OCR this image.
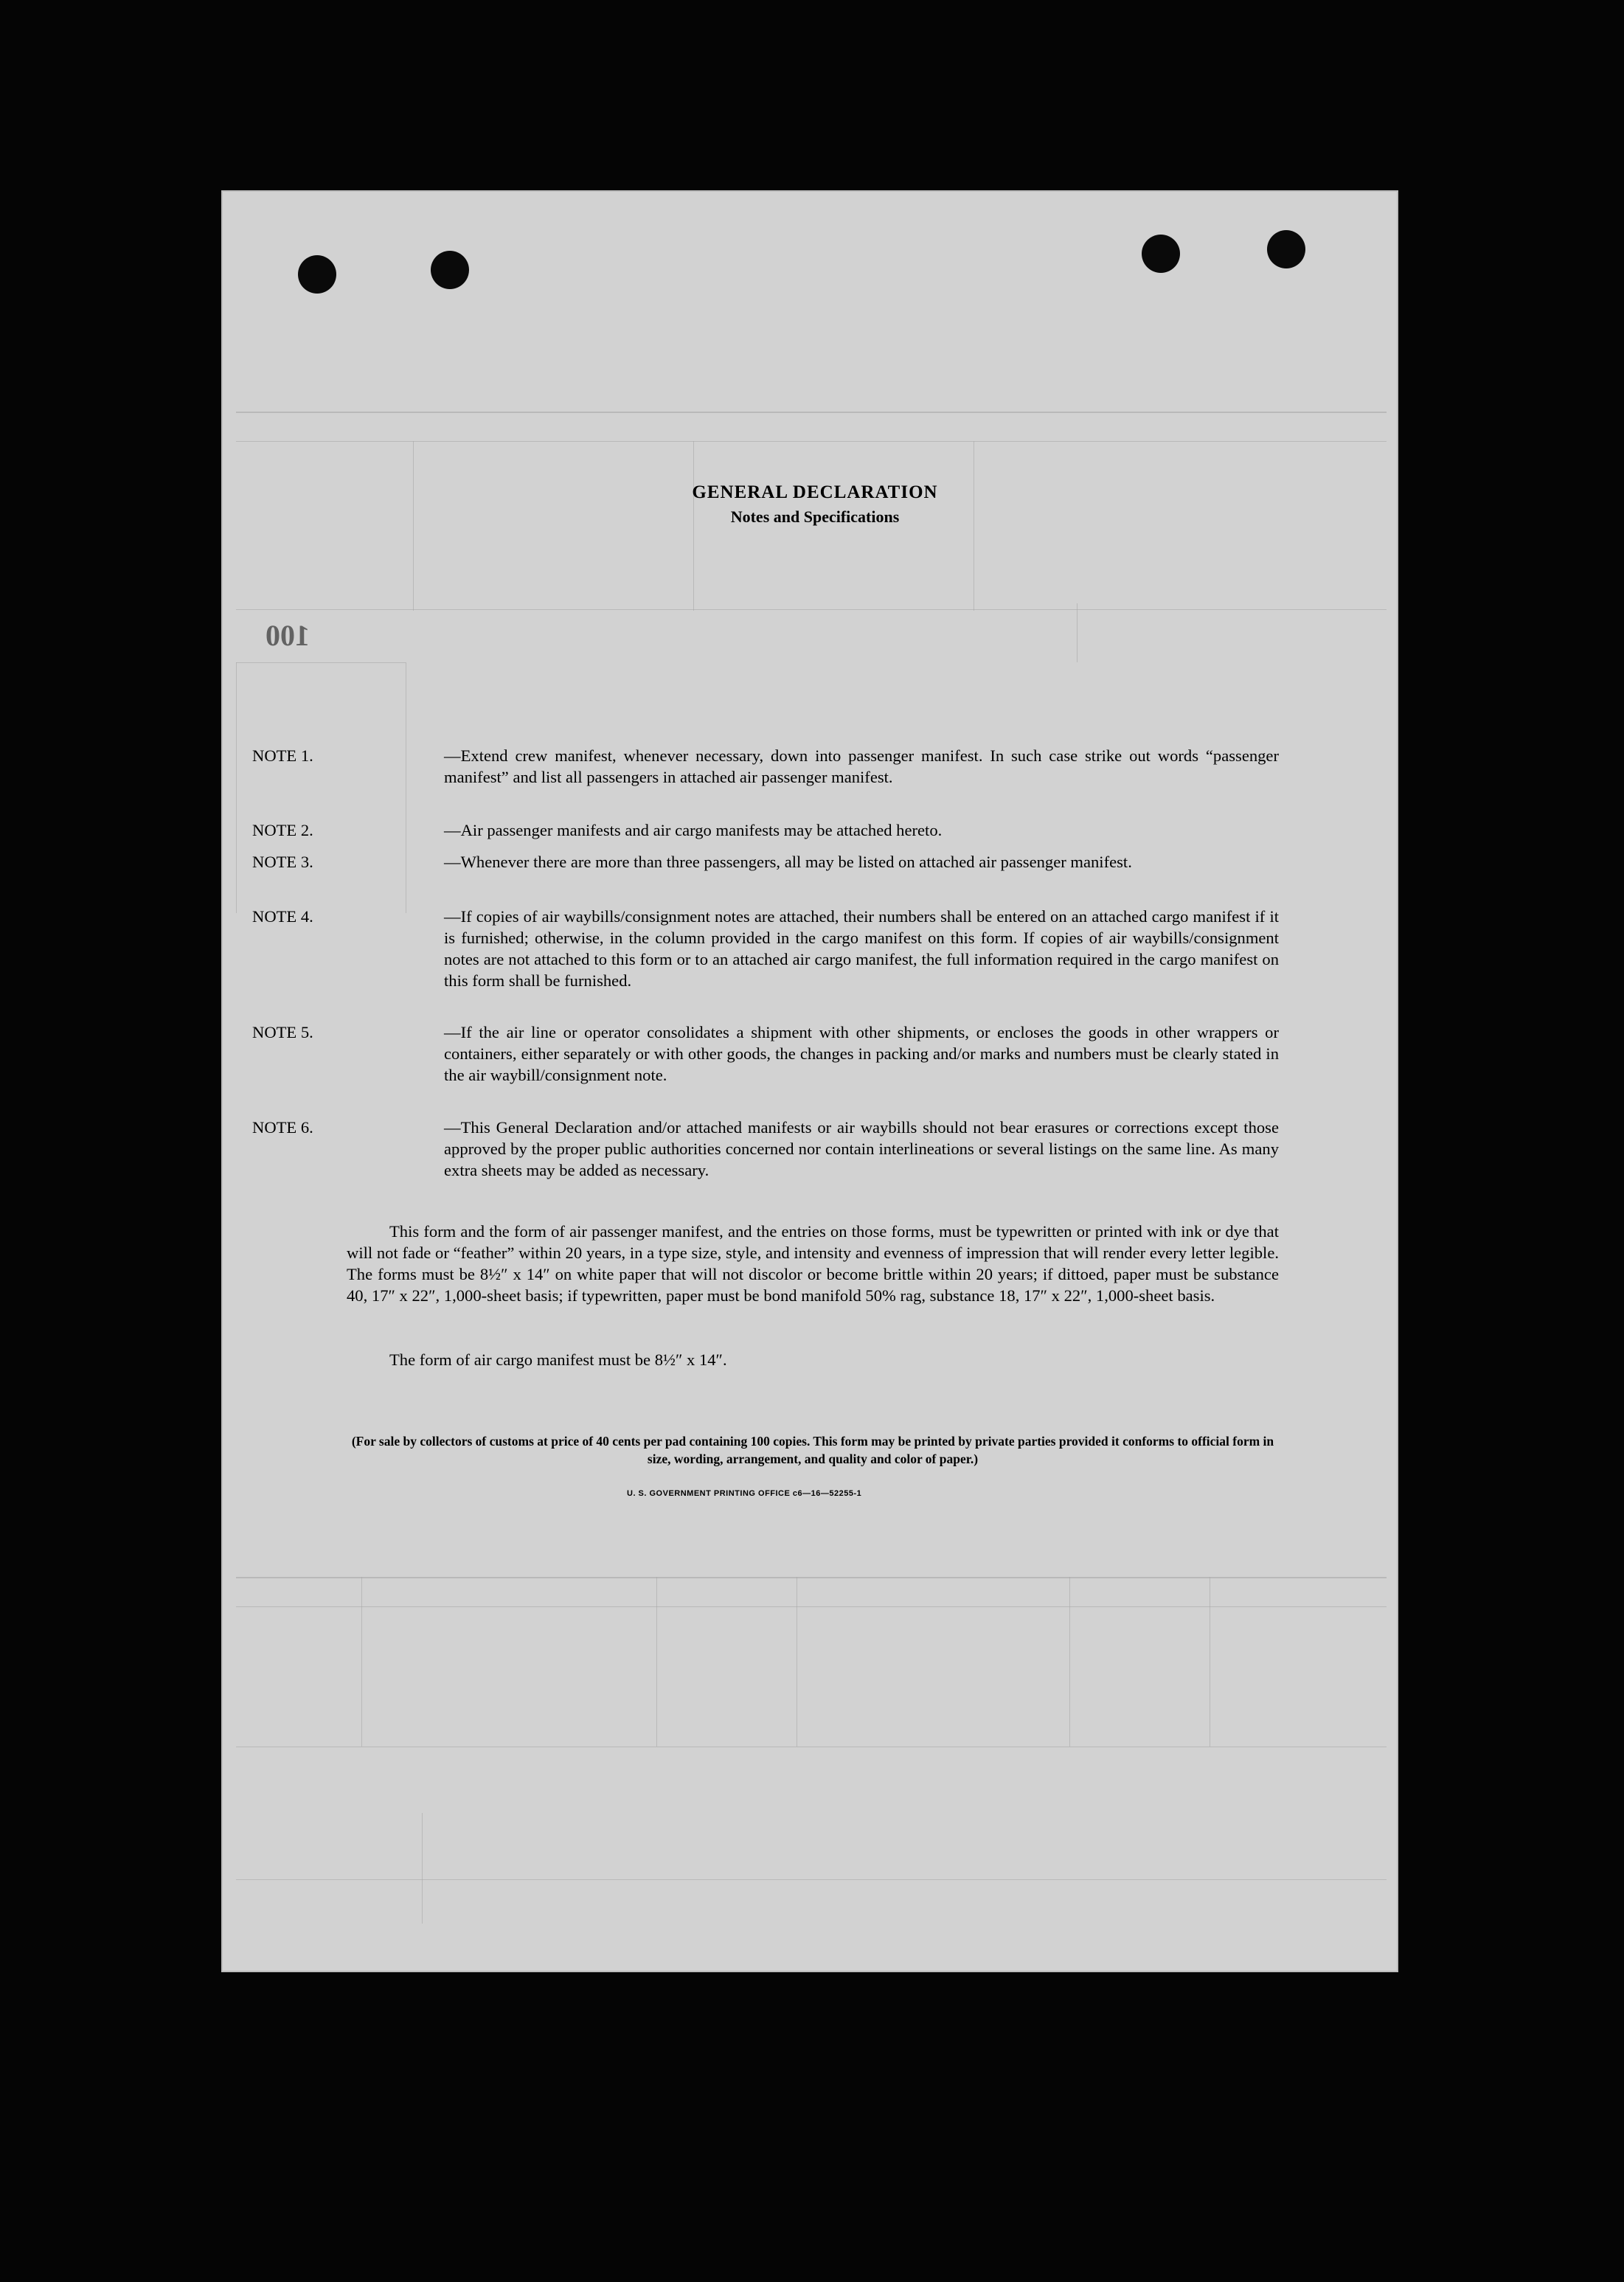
100
GENERAL DECLARATION
Notes and Specifications
NOTE 1.	—Extend crew manifest, whenever necessary, down into passenger manifest. In such case strike out words “passenger manifest” and list all passengers in attached air passenger manifest.
NOTE 2.	—Air passenger manifests and air cargo manifests may be attached hereto.
NOTE 3.	—Whenever there are more than three passengers, all may be listed on attached air passenger manifest.
NOTE 4.	—If copies of air waybills/consignment notes are attached, their numbers shall be entered on an attached cargo manifest if it is furnished; otherwise, in the column provided in the cargo manifest on this form. If copies of air waybills/consignment notes are not attached to this form or to an attached air cargo manifest, the full information required in the cargo manifest on this form shall be furnished.
NOTE 5.	—If the air line or operator consolidates a shipment with other shipments, or encloses the goods in other wrappers or containers, either separately or with other goods, the changes in packing and/or marks and numbers must be clearly stated in the air waybill/consignment note.
NOTE 6.	—This General Declaration and/or attached manifests or air waybills should not bear erasures or corrections except those approved by the proper public authorities concerned nor contain interlineations or several listings on the same line. As many extra sheets may be added as necessary.
This form and the form of air passenger manifest, and the entries on those forms, must be typewritten or printed with ink or dye that will not fade or “feather” within 20 years, in a type size, style, and intensity and evenness of impression that will render every letter legible. The forms must be 8½″ x 14″ on white paper that will not discolor or become brittle within 20 years; if dittoed, paper must be substance 40, 17″ x 22″, 1,000-sheet basis; if typewritten, paper must be bond manifold 50% rag, substance 18, 17″ x 22″, 1,000-sheet basis.
The form of air cargo manifest must be 8½″ x 14″.
(For sale by collectors of customs at price of 40 cents per pad containing 100 copies. This form may be printed by private parties provided it conforms to official form in size, wording, arrangement, and quality and color of paper.)
U. S. GOVERNMENT PRINTING OFFICE c6—16—52255-1
